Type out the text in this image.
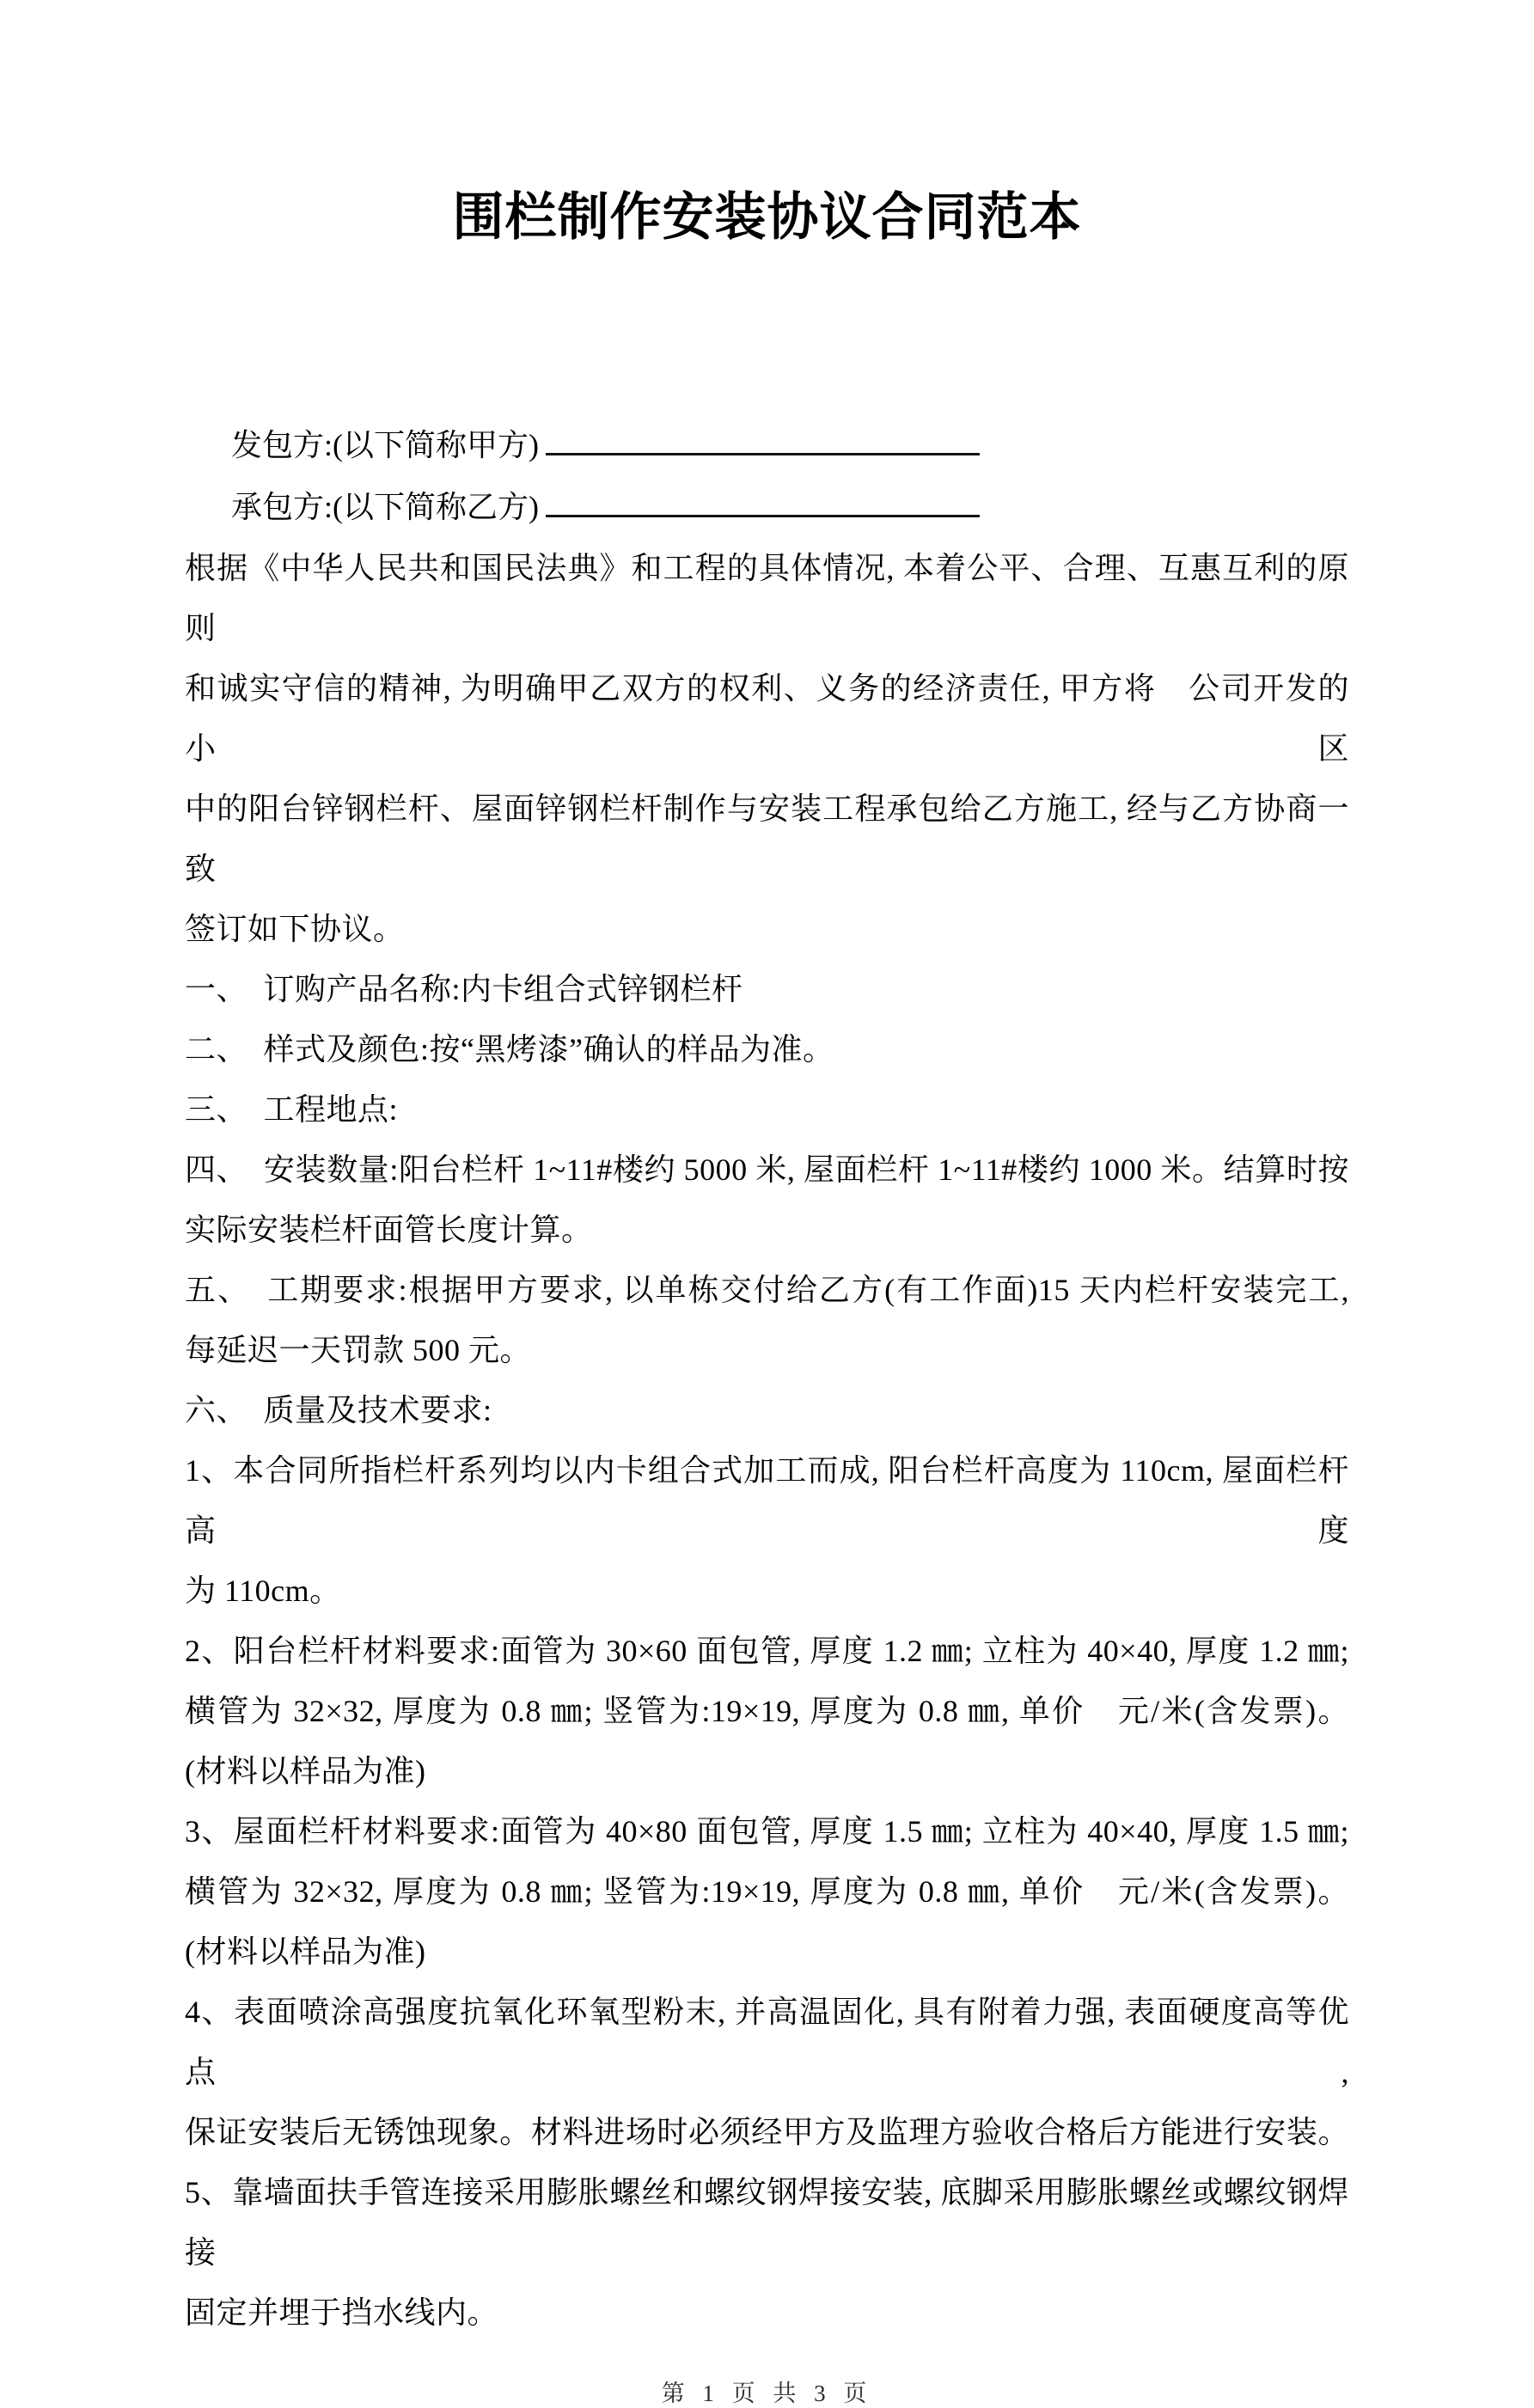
围栏制作安装协议合同范本

发包方:(以下简称甲方)

承包方:(以下简称乙方)

根据《中华人民共和国民法典》和工程的具体情况, 本着公平、合理、互惠互利的原则
和诚实守信的精神, 为明确甲乙双方的权利、义务的经济责任, 甲方将　公司开发的　小区
中的阳台锌钢栏杆、屋面锌钢栏杆制作与安装工程承包给乙方施工, 经与乙方协商一致
签订如下协议。
一、　订购产品名称:内卡组合式锌钢栏杆
二、　样式及颜色:按“黑烤漆”确认的样品为准。
三、　工程地点:
四、　安装数量:阳台栏杆 1~11#楼约 5000 米, 屋面栏杆 1~11#楼约 1000 米。结算时按
实际安装栏杆面管长度计算。
五、　工期要求:根据甲方要求, 以单栋交付给乙方(有工作面)15 天内栏杆安装完工,
每延迟一天罚款 500 元。
六、　质量及技术要求:
1、本合同所指栏杆系列均以内卡组合式加工而成, 阳台栏杆高度为 110cm, 屋面栏杆高度
为 110cm。
2、阳台栏杆材料要求:面管为 30×60 面包管, 厚度 1.2 ㎜; 立柱为 40×40, 厚度 1.2 ㎜;
横管为 32×32, 厚度为 0.8 ㎜; 竖管为:19×19, 厚度为 0.8 ㎜, 单价　元/米(含发票)。
(材料以样品为准)
3、屋面栏杆材料要求:面管为 40×80 面包管, 厚度 1.5 ㎜; 立柱为 40×40, 厚度 1.5 ㎜;
横管为 32×32, 厚度为 0.8 ㎜; 竖管为:19×19, 厚度为 0.8 ㎜, 单价　元/米(含发票)。
(材料以样品为准)
4、表面喷涂高强度抗氧化环氧型粉末, 并高温固化, 具有附着力强, 表面硬度高等优点,
保证安装后无锈蚀现象。材料进场时必须经甲方及监理方验收合格后方能进行安装。
5、靠墙面扶手管连接采用膨胀螺丝和螺纹钢焊接安装, 底脚采用膨胀螺丝或螺纹钢焊接
固定并埋于挡水线内。
第 1 页 共 3 页
